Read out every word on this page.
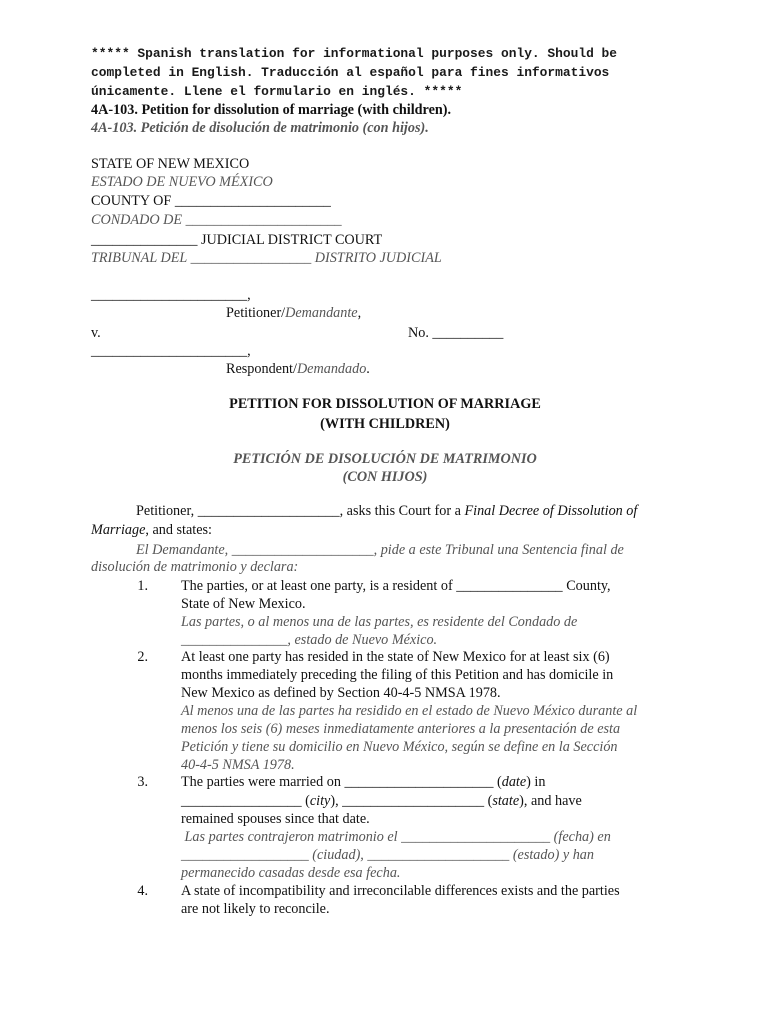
***** Spanish translation for informational purposes only. Should be
completed in English. Traducción al español para fines informativos
únicamente. Llene el formulario en inglés. *****
4A-103. Petition for dissolution of marriage (with children).
4A-103. Petición de disolución de matrimonio (con hijos).
STATE OF NEW MEXICO
ESTADO DE NUEVO MÉXICO
COUNTY OF ______________________
CONDADO DE ______________________
_______________ JUDICIAL DISTRICT COURT
TRIBUNAL DEL _________________ DISTRITO JUDICIAL
______________________,
Petitioner/Demandante,
v.	No. __________
______________________,
Respondent/Demandado.
PETITION FOR DISSOLUTION OF MARRIAGE
(WITH CHILDREN)
PETICIÓN DE DISOLUCIÓN DE MATRIMONIO
(CON HIJOS)
Petitioner, ____________________, asks this Court for a Final Decree of Dissolution of
Marriage, and states:
El Demandante, ____________________, pide a este Tribunal una Sentencia final de
disolución de matrimonio y declara:
1. The parties, or at least one party, is a resident of _______________ County,
State of New Mexico.
Las partes, o al menos una de las partes, es residente del Condado de
_______________, estado de Nuevo México.
2. At least one party has resided in the state of New Mexico for at least six (6)
months immediately preceding the filing of this Petition and has domicile in
New Mexico as defined by Section 40-4-5 NMSA 1978.
Al menos una de las partes ha residido en el estado de Nuevo México durante al
menos los seis (6) meses inmediatamente anteriores a la presentación de esta
Petición y tiene su domicilio en Nuevo México, según se define en la Sección
40-4-5 NMSA 1978.
3. The parties were married on _____________________ (date) in
_________________ (city), ____________________ (state), and have
remained spouses since that date.
Las partes contrajeron matrimonio el _____________________ (fecha) en
__________________ (ciudad), ____________________ (estado) y han
permanecido casadas desde esa fecha.
4. A state of incompatibility and irreconcilable differences exists and the parties
are not likely to reconcile.
